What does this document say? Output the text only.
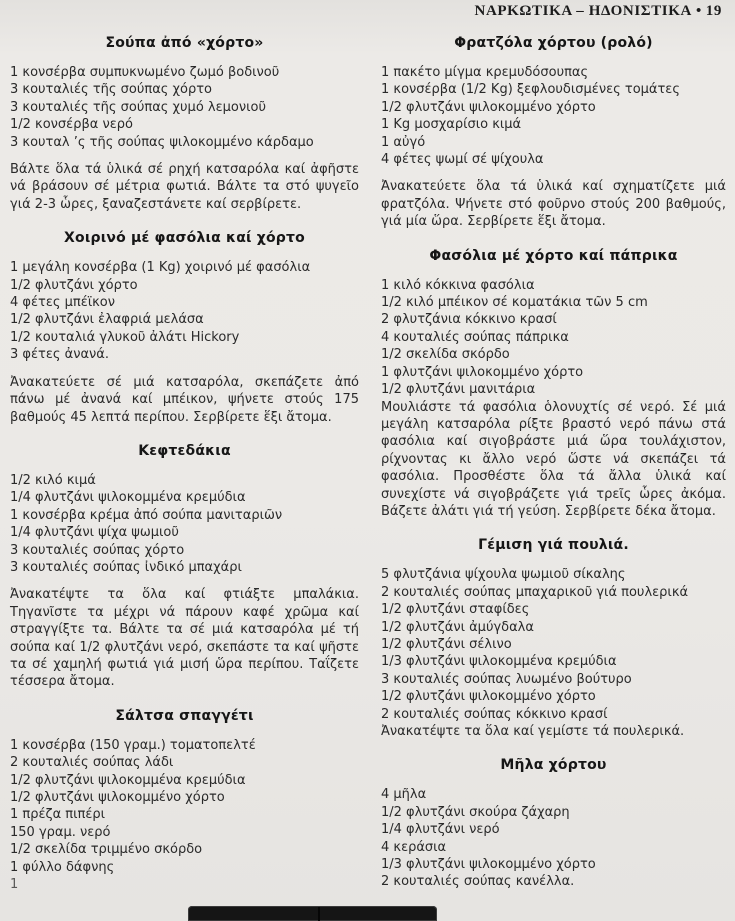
ΝΑΡΚΩΤΙΚΑ – ΗΔΟΝΙΣΤΙΚΑ • 19
Σούπα ἀπό «χόρτο»
1 κονσέρβα συμπυκνωμένο ζωμό βοδινοῦ
3 κουταλιές τῆς σούπας χόρτο
3 κουταλιές τῆς σούπας χυμό λεμονιοῦ
1/2 κονσέρβα νερό
3 κουταλ ’ς τῆς σούπας ψιλοκομμένο κάρδαμο
Βάλτε ὅλα τά ὑλικά σέ ρηχή κατσαρόλα καί ἀφῆστε νά βράσουν σέ μέτρια φωτιά. Βάλτε τα στό ψυγεῖο γιά 2-3 ὧρες, ξαναζεστάνετε καί σερβίρετε.
Χοιρινό μέ φασόλια καί χόρτο
1 μεγάλη κονσέρβα (1 Kg) χοιρινό μέ φασόλια
1/2 φλυτζάνι χόρτο
4 φέτες μπέϊκον
1/2 φλυτζάνι ἐλαφριά μελάσα
1/2 κουταλιά γλυκοῦ ἀλάτι Hickory
3 φέτες ἀνανά.
Ἀνακατεύετε σέ μιά κατσαρόλα, σκεπάζετε ἀπό πάνω μέ ἀνανά καί μπέικον, ψήνετε στούς 175 βαθμούς 45 λεπτά περίπου. Σερβίρετε ἕξι ἄτομα.
Κεφτεδάκια
1/2 κιλό κιμά
1/4 φλυτζάνι ψιλοκομμένα κρεμύδια
1 κονσέρβα κρέμα ἀπό σούπα μανιταριῶν
1/4 φλυτζάνι ψίχα ψωμιοῦ
3 κουταλιές σούπας χόρτο
3 κουταλιές σούπας ἰνδικό μπαχάρι
Ἀνακατέψτε τα ὅλα καί φτιάξτε μπαλάκια. Τηγανῖστε τα μέχρι νά πάρουν καφέ χρῶμα καί στραγγίξτε τα. Βάλτε τα σέ μιά κατσαρόλα μέ τή σούπα καί 1/2 φλυτζάνι νερό, σκεπάστε τα καί ψῆστε τα σέ χαμηλή φωτιά γιά μισή ὥρα περίπου. Ταΐζετε τέσσερα ἄτομα.
Σάλτσα σπαγγέτι
1 κονσέρβα (150 γραμ.) τοματοπελτέ
2 κουταλιές σούπας λάδι
1/2 φλυτζάνι ψιλοκομμένα κρεμύδια
1/2 φλυτζάνι ψιλοκομμένο χόρτο
1 πρέζα πιπέρι
150 γραμ. νερό
1/2 σκελίδα τριμμένο σκόρδο
1 φύλλο δάφνης
1
Φρατζόλα χόρτου (ρολό)
1 πακέτο μίγμα κρεμυδόσουπας
1 κονσέρβα (1/2 Kg) ξεφλουδισμένες τομάτες
1/2 φλυτζάνι ψιλοκομμένο χόρτο
1 Kg μοσχαρίσιο κιμά
1 αὐγό
4 φέτες ψωμί σέ ψίχουλα
Ἀνακατεύετε ὅλα τά ὑλικά καί σχηματίζετε μιά φρατζόλα. Ψήνετε στό φοῦρνο στούς 200 βαθμούς, γιά μία ὥρα. Σερβίρετε ἕξι ἄτομα.
Φασόλια μέ χόρτο καί πάπρικα
1 κιλό κόκκινα φασόλια
1/2 κιλό μπέικον σέ κοματάκια τῶν 5 cm
2 φλυτζάνια κόκκινο κρασί
4 κουταλιές σούπας πάπρικα
1/2 σκελίδα σκόρδο
1 φλυτζάνι ψιλοκομμένο χόρτο
1/2 φλυτζάνι μανιτάρια
Μουλιάστε τά φασόλια ὁλονυχτίς σέ νερό. Σέ μιά μεγάλη κατσαρόλα ρίξτε βραστό νερό πάνω στά φασόλια καί σιγοβράστε μιά ὥρα τουλάχιστον, ρίχνοντας κι ἄλλο νερό ὥστε νά σκεπάζει τά φασόλια. Προσθέστε ὅλα τά ἄλλα ὑλικά καί συνεχίστε νά σιγοβράζετε γιά τρεῖς ὧρες ἀκόμα. Βάζετε ἀλάτι γιά τή γεύση. Σερβίρετε δέκα ἄτομα.
Γέμιση γιά πουλιά.
5 φλυτζάνια ψίχουλα ψωμιοῦ σίκαλης
2 κουταλιές σούπας μπαχαρικοῦ γιά πουλερικά
1/2 φλυτζάνι σταφίδες
1/2 φλυτζάνι ἀμύγδαλα
1/2 φλυτζάνι σέλινο
1/3 φλυτζάνι ψιλοκομμένα κρεμύδια
3 κουταλιές σούπας λυωμένο βούτυρο
1/2 φλυτζάνι ψιλοκομμένο χόρτο
2 κουταλιές σούπας κόκκινο κρασί
Ἀνακατέψτε τα ὅλα καί γεμίστε τά πουλερικά.
Μῆλα χόρτου
4 μῆλα
1/2 φλυτζάνι σκούρα ζάχαρη
1/4 φλυτζάνι νερό
4 κεράσια
1/3 φλυτζάνι ψιλοκομμένο χόρτο
2 κουταλιές σούπας κανέλλα.
